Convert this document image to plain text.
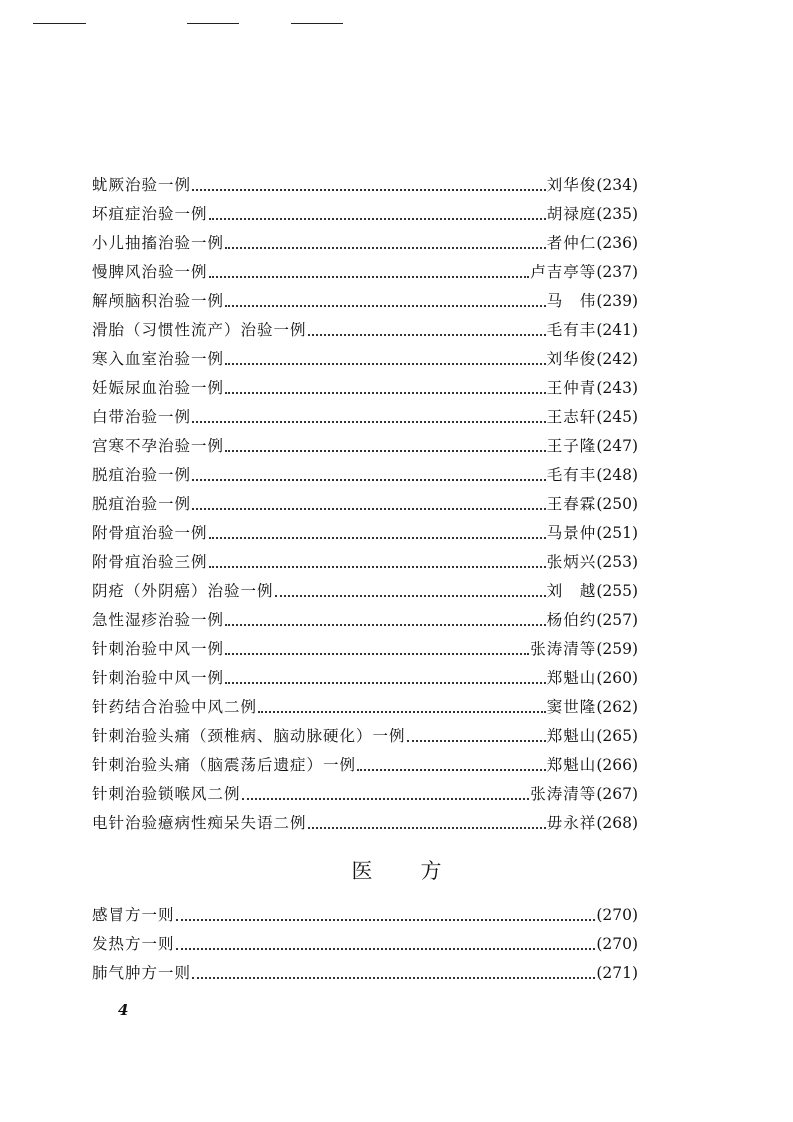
蚘厥治验一例	刘华俊 (234)
坏疽症治验一例	胡禄庭 (235)
小儿抽搐治验一例	者仲仁 (236)
慢脾风治验一例	卢吉亭等 (237)
解颅脑积治验一例	马　伟 (239)
滑胎（习惯性流产）治验一例	毛有丰 (241)
寒入血室治验一例	刘华俊 (242)
妊娠尿血治验一例	王仲青 (243)
白带治验一例	王志轩 (245)
宫寒不孕治验一例	王子隆 (247)
脱疽治验一例	毛有丰 (248)
脱疽治验一例	王春霖 (250)
附骨疽治验一例	马景仲 (251)
附骨疽治验三例	张炳兴 (253)
阴疮（外阴癌）治验一例	刘　越 (255)
急性湿疹治验一例	杨伯约 (257)
针刺治验中风一例	张涛清等 (259)
针刺治验中风一例	郑魁山 (260)
针药结合治验中风二例	窦世隆 (262)
针刺治验头痛（颈椎病、脑动脉硬化）一例	郑魁山 (265)
针刺治验头痛（脑震荡后遗症）一例	郑魁山 (266)
针刺治验锁喉风二例	张涛清等 (267)
电针治验癔病性痴呆失语二例	毋永祥 (268)
医方
感冒方一则	(270)
发热方一则	(270)
肺气肿方一则	(271)
4
